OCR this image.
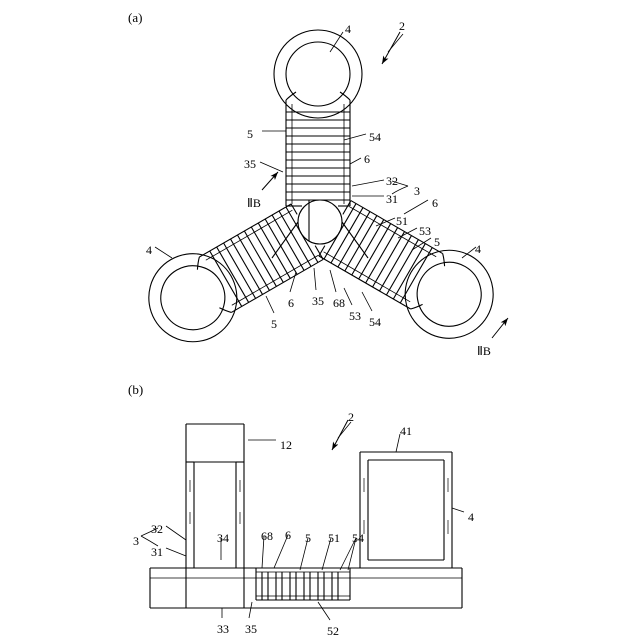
(a)
(b)
4	2
5	54
6
35
32
3
31
ⅡB	6
51
53
5
4	4
6 35 68
53 54
5
ⅡB
2
41
12
4
32
34	68 6 5 51 54
3
31
33 35	52
